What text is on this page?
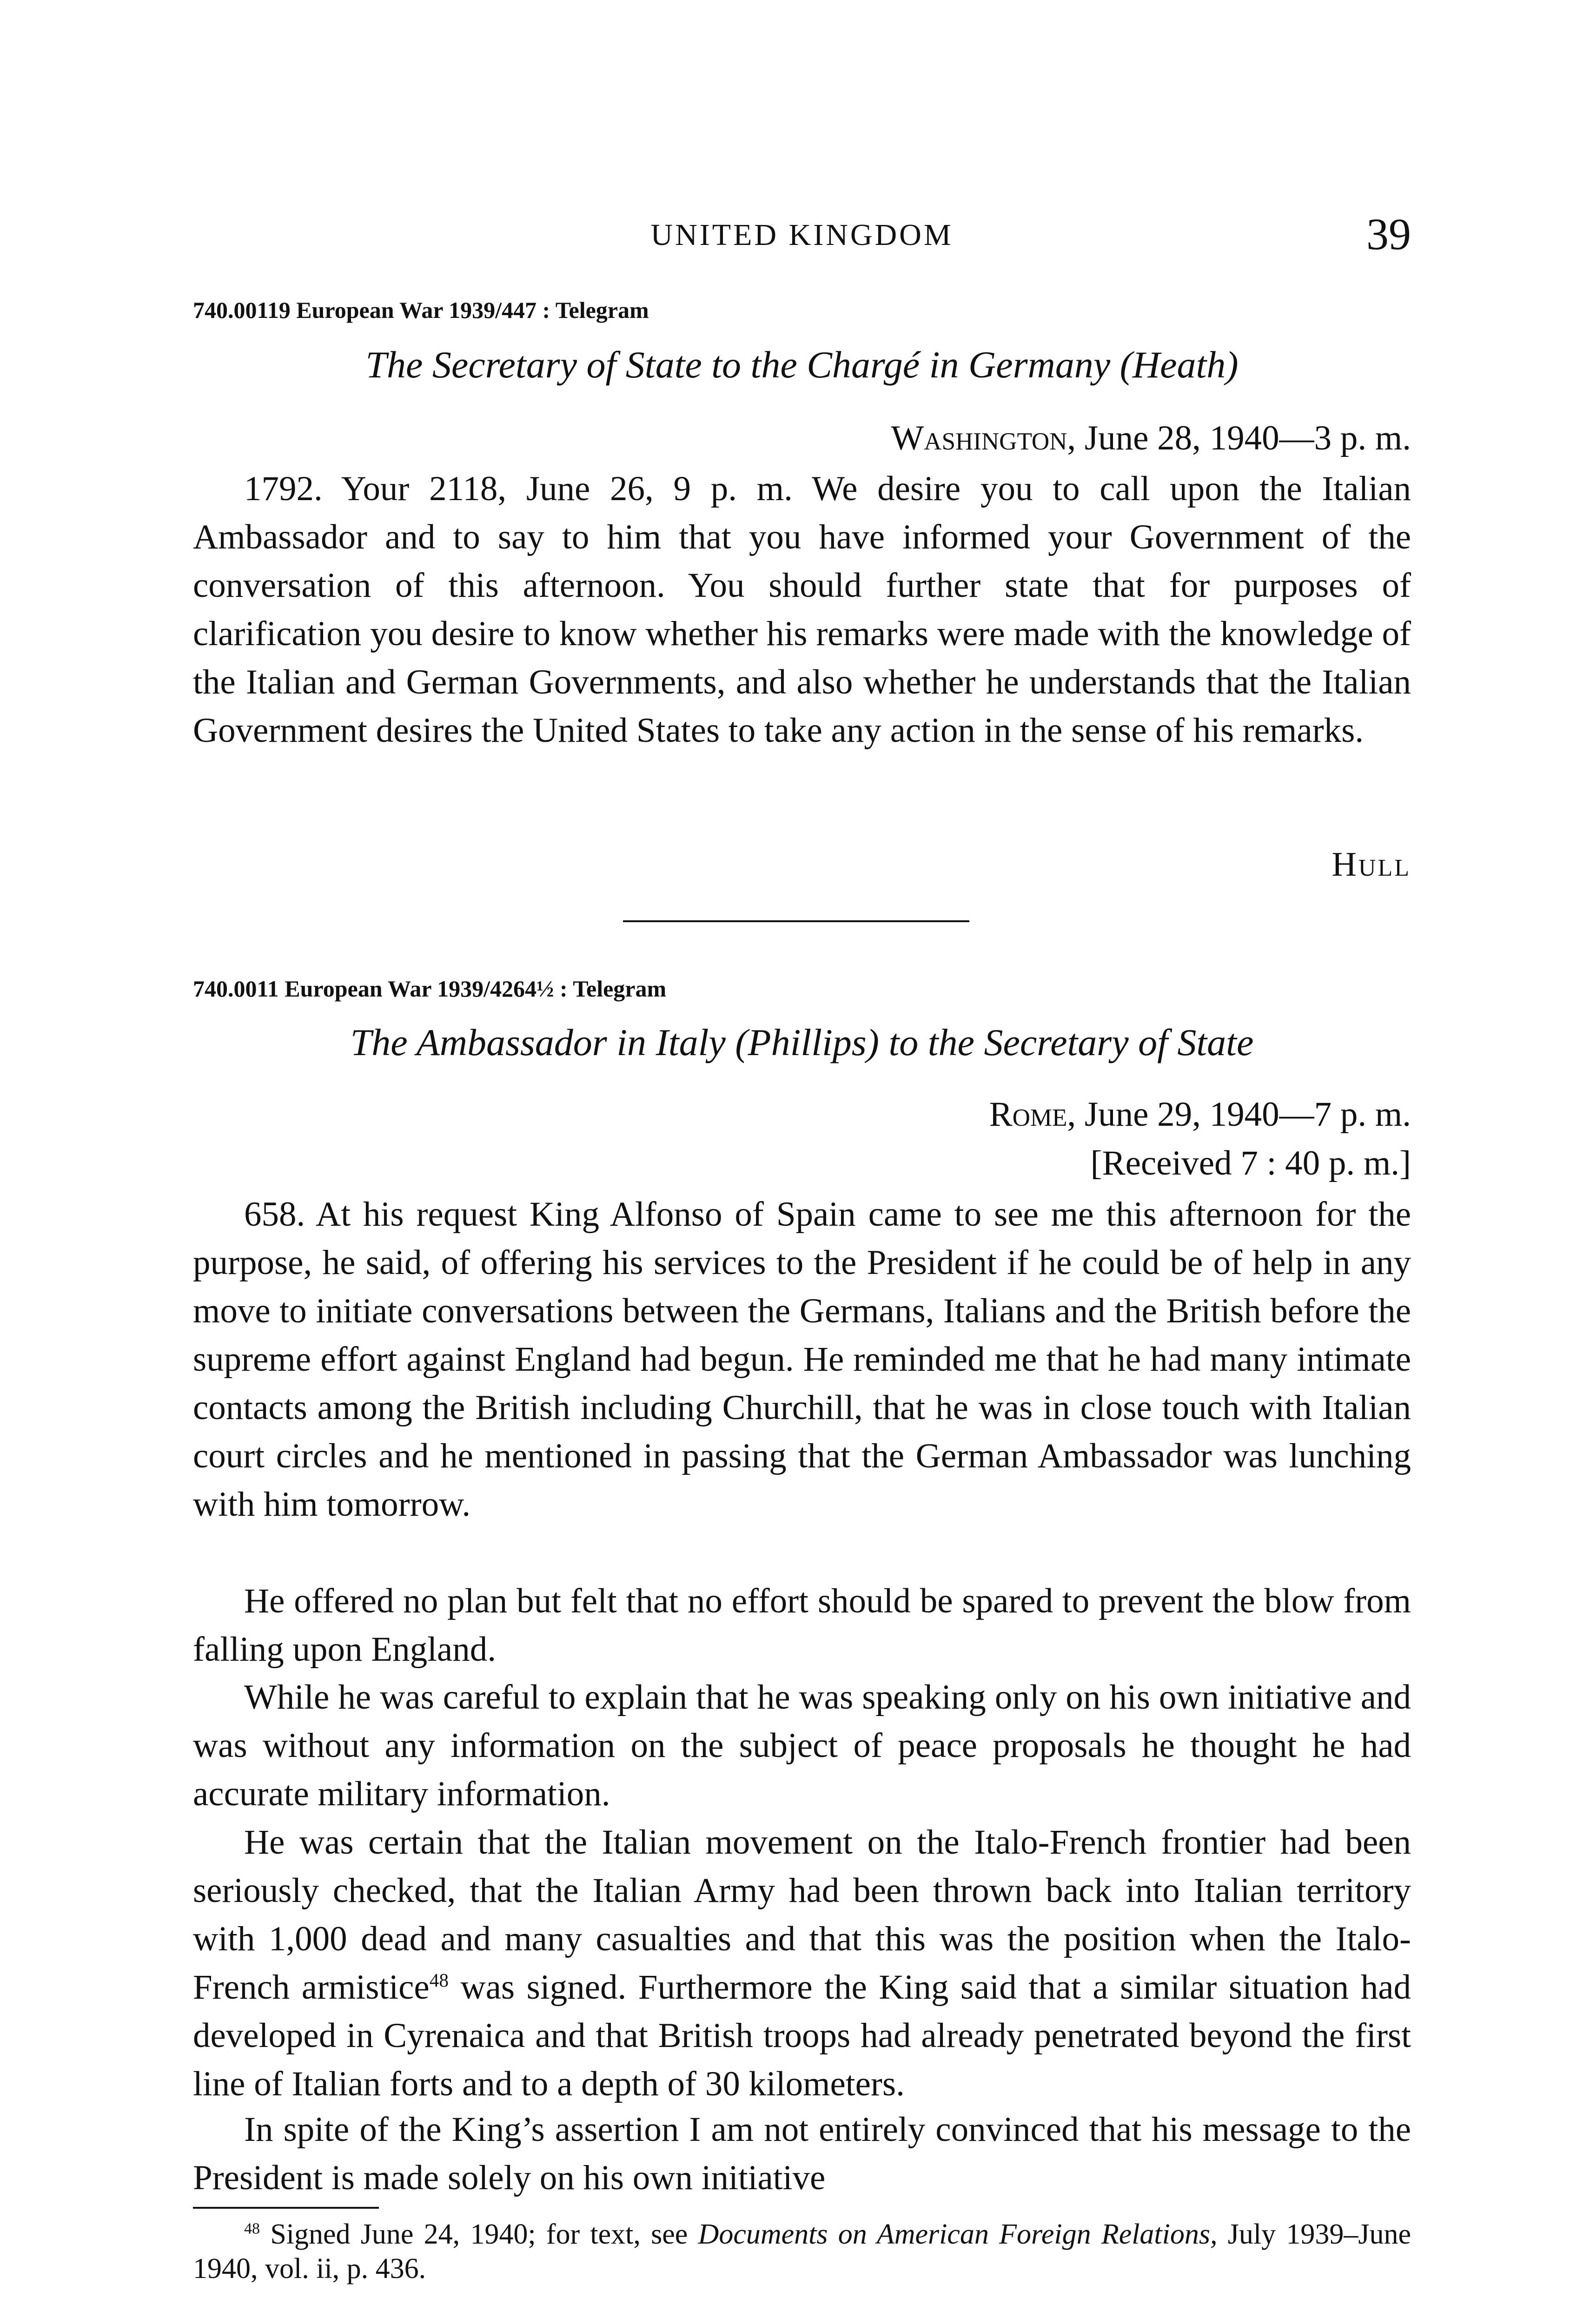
UNITED KINGDOM	39
740.00119 European War 1939/447 : Telegram
The Secretary of State to the Chargé in Germany (Heath)
Washington, June 28, 1940—3 p. m.

1792. Your 2118, June 26, 9 p. m. We desire you to call upon the Italian Ambassador and to say to him that you have informed your Government of the conversation of this afternoon. You should further state that for purposes of clarification you desire to know whether his remarks were made with the knowledge of the Italian and German Governments, and also whether he understands that the Italian Government desires the United States to take any action in the sense of his remarks.

Hull
740.0011 European War 1939/4264½ : Telegram
The Ambassador in Italy (Phillips) to the Secretary of State
Rome, June 29, 1940—7 p. m.
[Received 7 : 40 p. m.]

658. At his request King Alfonso of Spain came to see me this afternoon for the purpose, he said, of offering his services to the President if he could be of help in any move to initiate conversations between the Germans, Italians and the British before the supreme effort against England had begun. He reminded me that he had many intimate contacts among the British including Churchill, that he was in close touch with Italian court circles and he mentioned in passing that the German Ambassador was lunching with him tomorrow.

He offered no plan but felt that no effort should be spared to prevent the blow from falling upon England.

While he was careful to explain that he was speaking only on his own initiative and was without any information on the subject of peace proposals he thought he had accurate military information.

He was certain that the Italian movement on the Italo-French frontier had been seriously checked, that the Italian Army had been thrown back into Italian territory with 1,000 dead and many casualties and that this was the position when the Italo-French armistice$^{48}$ was signed. Furthermore the King said that a similar situation had developed in Cyrenaica and that British troops had already penetrated beyond the first line of Italian forts and to a depth of 30 kilometers.

In spite of the King’s assertion I am not entirely convinced that his message to the President is made solely on his own initiative

$^{48}$ Signed June 24, 1940; for text, see Documents on American Foreign Relations, July 1939–June 1940, vol. ii, p. 436.
